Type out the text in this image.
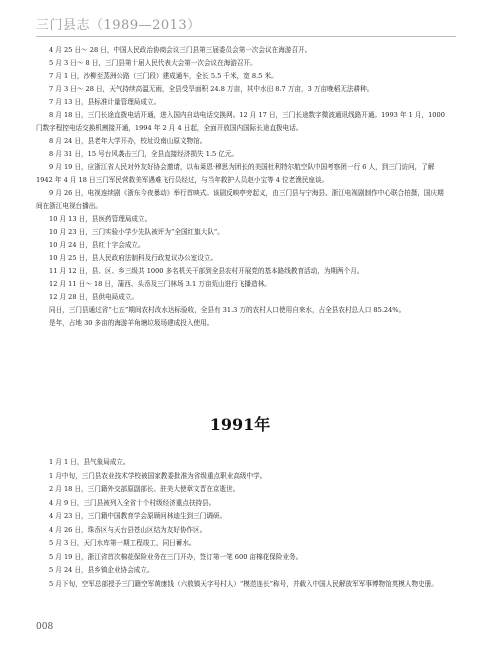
三门县志（1989—2013）

4 月 25 日～ 28 日，中国人民政治协商会议三门县第三届委员会第一次会议在海游召开。

5 月 3 日～ 8 日，三门县第十届人民代表大会第一次会议在海游召开。

7 月 1 日，沙柳至蒸洲公路（三门段）建成通车，全长 5.5 千米，宽 8.5 米。

7 月 3 日～ 28 日，天气持续高温无雨，全县受旱面积 24.8 万亩，其中水田 8.7 万亩，3 万亩晚稻无法耕种。

7 月 13 日，县标准计量管理局成立。

8 月 18 日，三门长途直拨电话开通，进入国内自动电话交换网。12 月 17 日，三门长途数字微波通讯线路开通。1993 年 1 月，1000 门数字程控电话交换机割接开通，1994 年 2 月 4 日起，全面开放国内国际长途直拨电话。

8 月 24 日，县老年大学开办，校址设南山原文物馆。

8 月 31 日，15 号台风袭击三门，全县直接经济损失 1.5 亿元。

9 月 19 日，应浙江省人民对外友好协会邀请，以布莱恩·穆思为团长的美国杜利特尔航空队中国考察团一行 6 人，到三门访问，了解 1942 年 4 月 18 日三门军民营救美军遇难飞行员经过，与当年救护人员赵小宝等 4 位老渔民座谈。

9 月 26 日，电视连续剧《浙东今夜暴动》举行首映式。该剧反映亭旁起义，由三门县与宁海县、浙江电视剧制作中心联合拍摄，国庆期间在浙江电视台播出。

10 月 13 日，县医药管理局成立。

10 月 23 日，三门实验小学少先队被评为“全国红旗大队”。

10 月 24 日，县红十字会成立。

10 月 25 日，县人民政府法制科及行政复议办公室设立。

11 月 12 日，县、区、乡三级共 1000 多名机关干部到全县农村开展党的基本路线教育活动，为期两个月。

12 月 11 日～ 18 日，蒲西、头岙及三门林场 3.1 万亩荒山进行飞播造林。

12 月 28 日，县供电局成立。

同日，三门县通过省“七五”期间农村改水达标验收，全县有 31.3 万的农村人口使用自来水，占全县农村总人口 85.24%。

是年，占地 30 多亩的海游羊角塘垃圾场建成投入使用。

1991年

1 月 1 日，县气象局成立。

1 月中旬，三门县农业技术学校被国家教委批准为省级重点职业高级中学。

2 月 18 日，三门籍外交部原副部长、驻美大使章文晋在京逝世。

4 月 9 日，三门县被列入全省十个村级经济重点扶持县。

4 月 23 日，三门籍中国教育学会原顾问林迪生到三门调研。

4 月 26 日，珠岙区与天台县苍山区结为友好协作区。

5 月 3 日，天门水库第一期工程竣工，同日蓄水。

5 月 19 日，浙江省首次棉花保险业务在三门开办，签订第一笔 600 亩棉花保险业务。

5 月 24 日，县乡镇企业协会成立。

5 月下旬，空军总部授予三门籍空军黄康钱（六敖镇天字号村人）“模范连长”称号，并载入中国人民解放军军事博物馆英模人物史册。

008
